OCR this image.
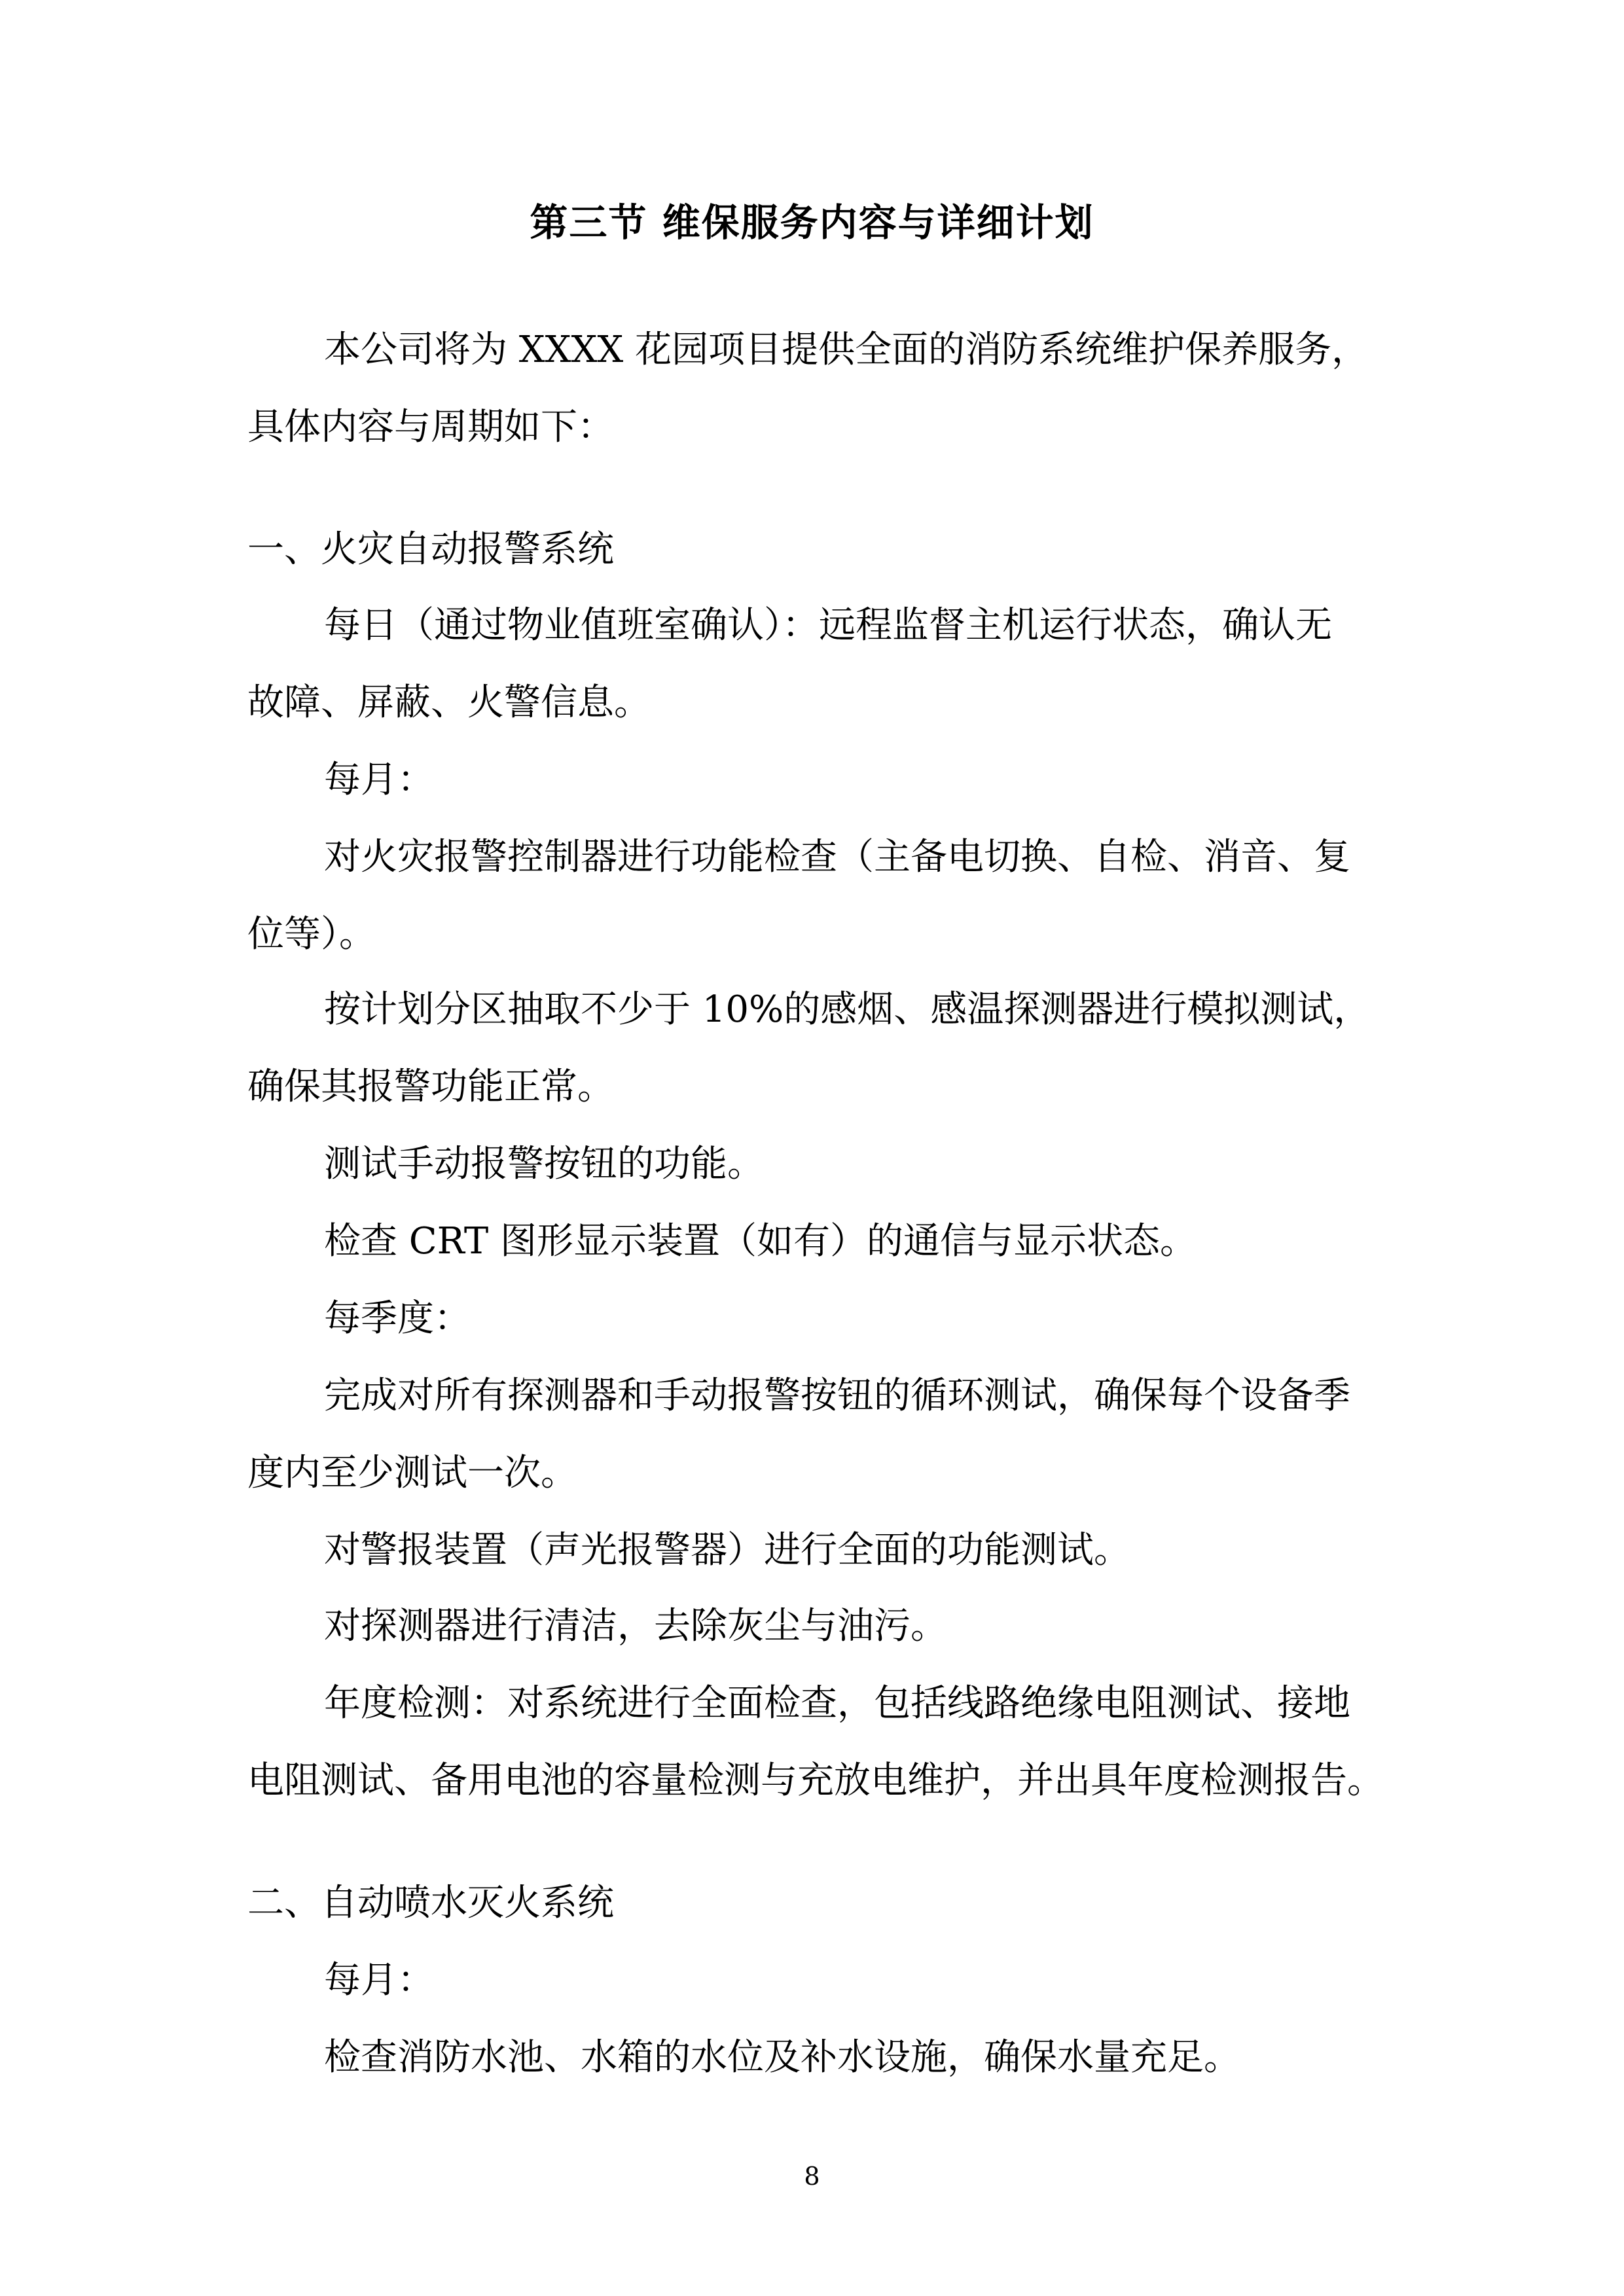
第三节 维保服务内容与详细计划
本公司将为 XXXX 花园项目提供全面的消防系统维护保养服务，
具体内容与周期如下：
一、火灾自动报警系统
每日（通过物业值班室确认）：远程监督主机运行状态，确认无
故障、屏蔽、火警信息。
每月：
对火灾报警控制器进行功能检查（主备电切换、自检、消音、复
位等）。
按计划分区抽取不少于 10%的感烟、感温探测器进行模拟测试，
确保其报警功能正常。
测试手动报警按钮的功能。
检查 CRT 图形显示装置（如有）的通信与显示状态。
每季度：
完成对所有探测器和手动报警按钮的循环测试，确保每个设备季
度内至少测试一次。
对警报装置（声光报警器）进行全面的功能测试。
对探测器进行清洁，去除灰尘与油污。
年度检测：对系统进行全面检查，包括线路绝缘电阻测试、接地
电阻测试、备用电池的容量检测与充放电维护，并出具年度检测报告。
二、自动喷水灭火系统
每月：
检查消防水池、水箱的水位及补水设施，确保水量充足。
8
